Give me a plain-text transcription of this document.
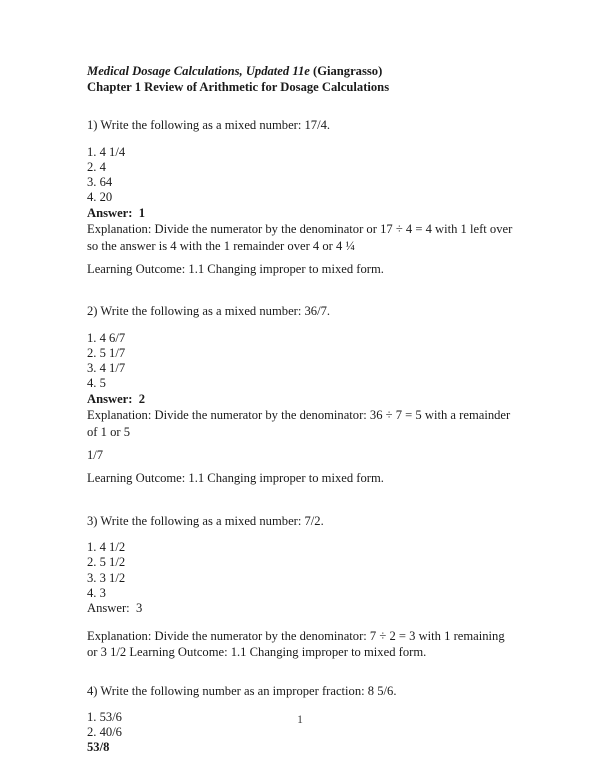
Medical Dosage Calculations, Updated 11e (Giangrasso)
Chapter 1 Review of Arithmetic for Dosage Calculations
1) Write the following as a mixed number: 17/4.
1. 4 1/4
2. 4
3. 64
4. 20
Answer:  1
Explanation: Divide the numerator by the denominator or 17 ÷ 4 = 4 with 1 left over so the answer is 4 with the 1 remainder over 4 or 4 ¼
Learning Outcome: 1.1 Changing improper to mixed form.
2) Write the following as a mixed number: 36/7.
1. 4 6/7
2. 5 1/7
3. 4 1/7
4. 5
Answer:  2
Explanation: Divide the numerator by the denominator: 36 ÷ 7 = 5 with a remainder of 1 or 5
1/7
Learning Outcome: 1.1 Changing improper to mixed form.
3) Write the following as a mixed number: 7/2.
1. 4 1/2
2. 5 1/2
3. 3 1/2
4. 3
Answer:  3
Explanation: Divide the numerator by the denominator: 7 ÷ 2 = 3 with 1 remaining or 3 1/2 Learning Outcome: 1.1 Changing improper to mixed form.
4) Write the following number as an improper fraction: 8 5/6.
1. 53/6
2. 40/6
53/8
1
